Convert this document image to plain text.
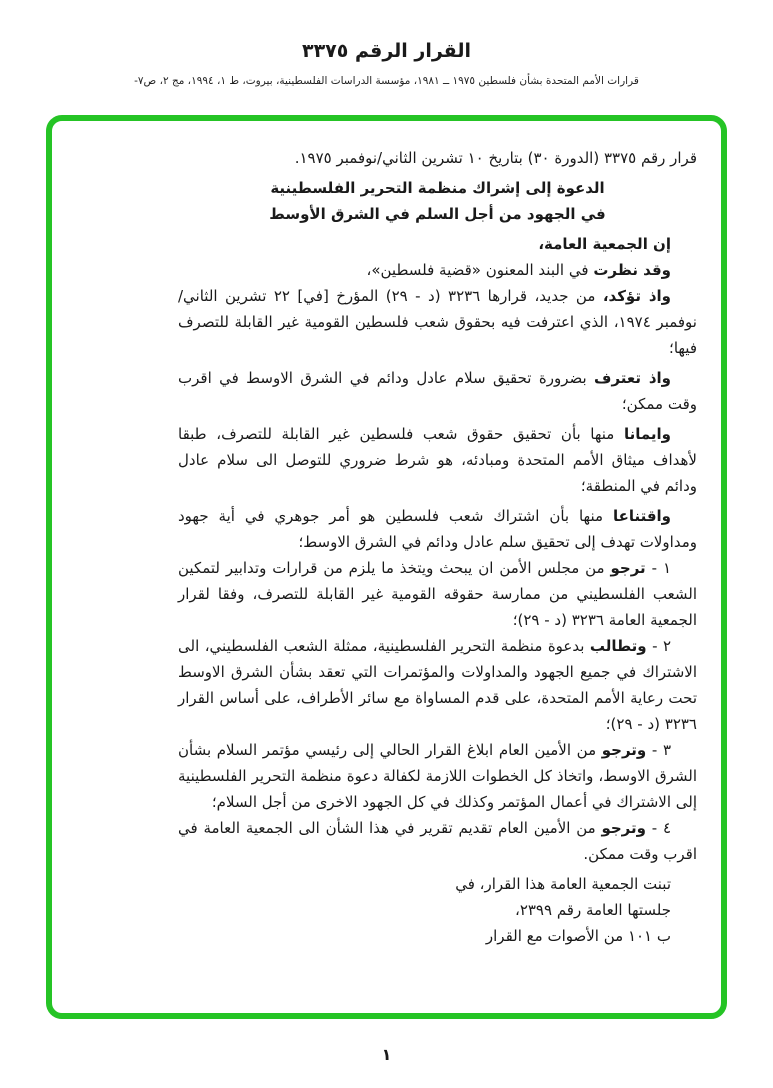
القرار الرقم ٣٣٧٥
قرارات الأمم المتحدة بشأن فلسطين ١٩٧٥ ــ ١٩٨١، مؤسسة الدراسات الفلسطينية، بيروت، ط ١، ١٩٩٤، مج ٢، ص٧-

قرار رقم ٣٣٧٥ (الدورة ٣٠) بتاريخ ١٠ تشرين الثاني/نوفمبر ١٩٧٥.

الدعوة إلى إشراك منظمة التحرير الفلسطينية

في الجهود من أجل السلم في الشرق الأوسط

إن الجمعية العامة،

وقد نظرت في البند المعنون «قضية فلسطين»،

واذ تؤكد، من جديد، قرارها ٣٢٣٦ (د - ٢٩) المؤرخ [في] ٢٢ تشرين الثاني/نوفمبر ١٩٧٤، الذي اعترفت فيه بحقوق شعب فلسطين القومية غير القابلة للتصرف فيها؛

واذ تعترف بضرورة تحقيق سلام عادل ودائم في الشرق الاوسط في اقرب وقت ممكن؛

وايمانا منها بأن تحقيق حقوق شعب فلسطين غير القابلة للتصرف، طبقا لأهداف ميثاق الأمم المتحدة ومبادئه، هو شرط ضروري للتوصل الى سلام عادل ودائم في المنطقة؛

واقتناعا منها بأن اشتراك شعب فلسطين هو أمر جوهري في أية جهود ومداولات تهدف إلى تحقيق سلم عادل ودائم في الشرق الاوسط؛

١ - ترجو من مجلس الأمن ان يبحث ويتخذ ما يلزم من قرارات وتدابير لتمكين الشعب الفلسطيني من ممارسة حقوقه القومية غير القابلة للتصرف، وفقا لقرار الجمعية العامة ٣٢٣٦ (د - ٢٩)؛

٢ - وتطالب بدعوة منظمة التحرير الفلسطينية، ممثلة الشعب الفلسطيني، الى الاشتراك في جميع الجهود والمداولات والمؤتمرات التي تعقد بشأن الشرق الاوسط تحت رعاية الأمم المتحدة، على قدم المساواة مع سائر الأطراف، على أساس القرار ٣٢٣٦ (د - ٢٩)؛

٣ - وترجو من الأمين العام ابلاغ القرار الحالي إلى رئيسي مؤتمر السلام بشأن الشرق الاوسط، واتخاذ كل الخطوات اللازمة لكفالة دعوة منظمة التحرير الفلسطينية إلى الاشتراك في أعمال المؤتمر وكذلك في كل الجهود الاخرى من أجل السلام؛

٤ - وترجو من الأمين العام تقديم تقرير في هذا الشأن الى الجمعية العامة في اقرب وقت ممكن.

تبنت الجمعية العامة هذا القرار، في

جلستها العامة رقم ٢٣٩٩،

ب ١٠١ من الأصوات مع القرار

١
